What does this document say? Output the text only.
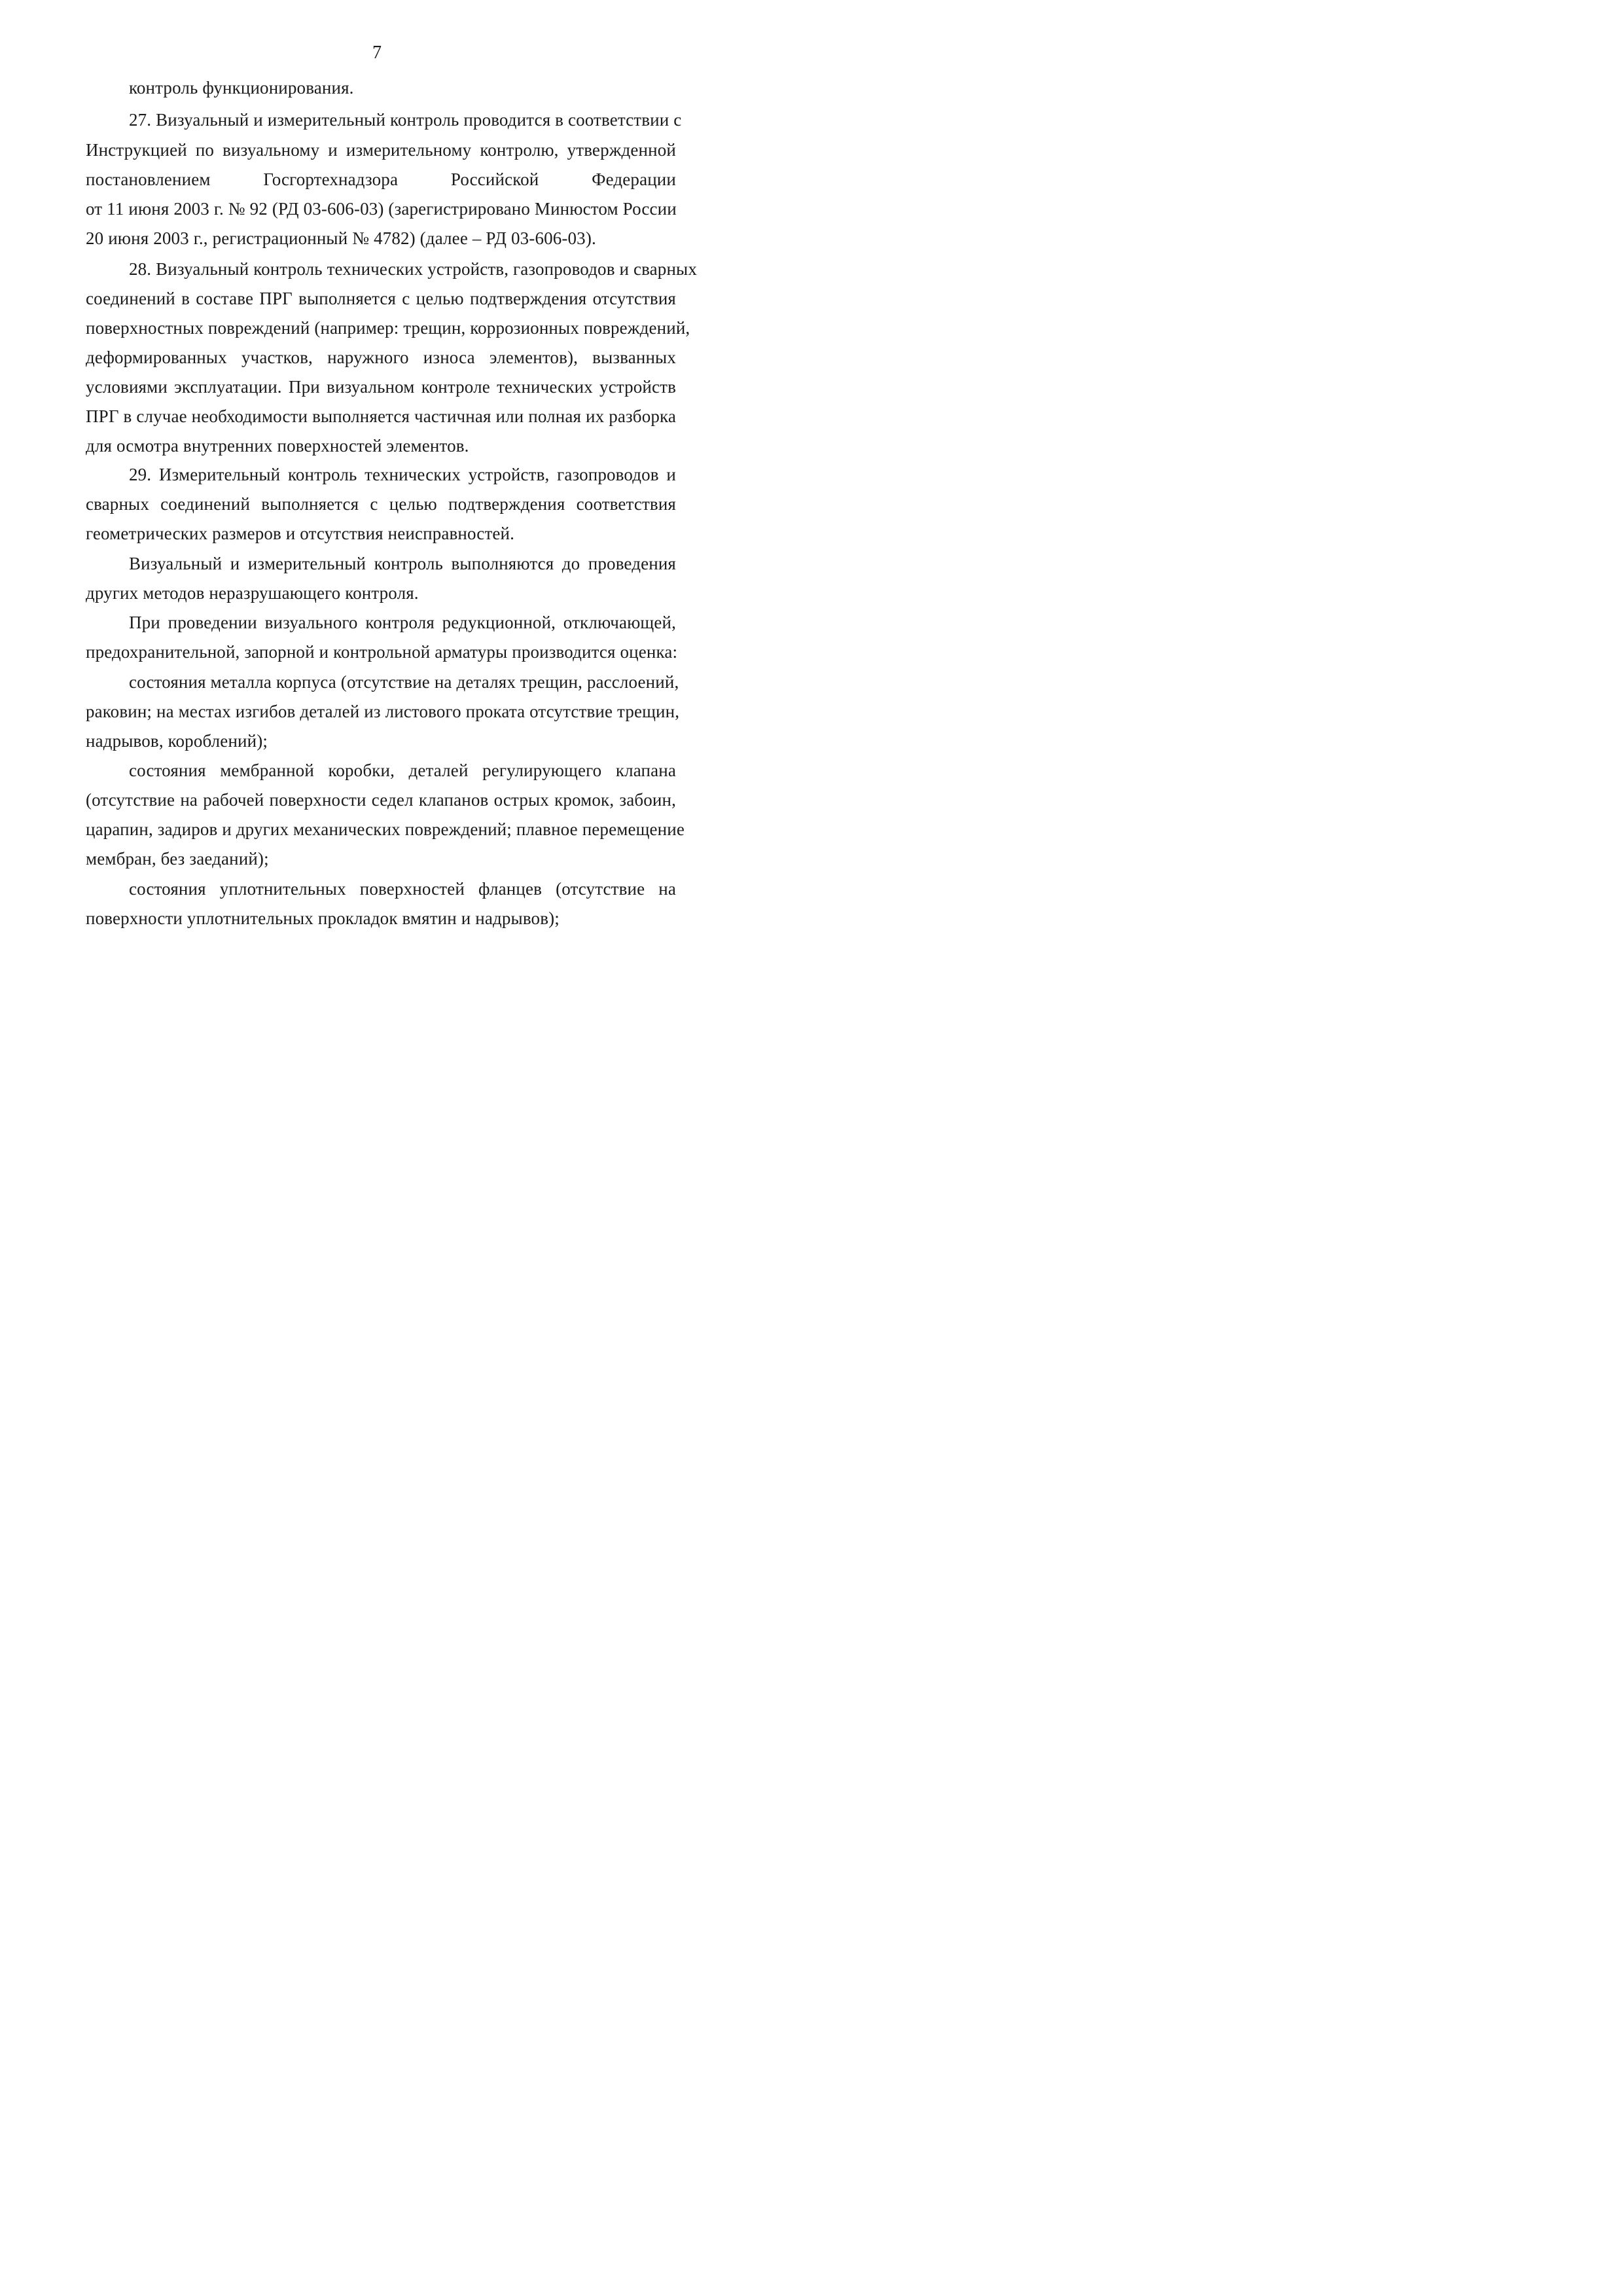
7
контроль функционирования.
27. Визуальный и измерительный контроль проводится в соответствии с
Инструкцией по визуальному и измерительному контролю, утвержденной
постановлением Госгортехнадзора Российской Федерации
от 11 июня 2003 г. № 92 (РД 03-606-03) (зарегистрировано Минюстом России
20 июня 2003 г., регистрационный № 4782) (далее – РД 03-606-03).
28. Визуальный контроль технических устройств, газопроводов и сварных
соединений в составе ПРГ выполняется с целью подтверждения отсутствия
поверхностных повреждений (например: трещин, коррозионных повреждений,
деформированных участков, наружного износа элементов), вызванных
условиями эксплуатации. При визуальном контроле технических устройств
ПРГ в случае необходимости выполняется частичная или полная их разборка
для осмотра внутренних поверхностей элементов.
29. Измерительный контроль технических устройств, газопроводов и
сварных соединений выполняется с целью подтверждения соответствия
геометрических размеров и отсутствия неисправностей.
Визуальный и измерительный контроль выполняются до проведения
других методов неразрушающего контроля.
При проведении визуального контроля редукционной, отключающей,
предохранительной, запорной и контрольной арматуры производится оценка:
состояния металла корпуса (отсутствие на деталях трещин, расслоений,
раковин; на местах изгибов деталей из листового проката отсутствие трещин,
надрывов, короблений);
состояния мембранной коробки, деталей регулирующего клапана
(отсутствие на рабочей поверхности седел клапанов острых кромок, забоин,
царапин, задиров и других механических повреждений; плавное перемещение
мембран, без заеданий);
состояния уплотнительных поверхностей фланцев (отсутствие на
поверхности уплотнительных прокладок вмятин и надрывов);
